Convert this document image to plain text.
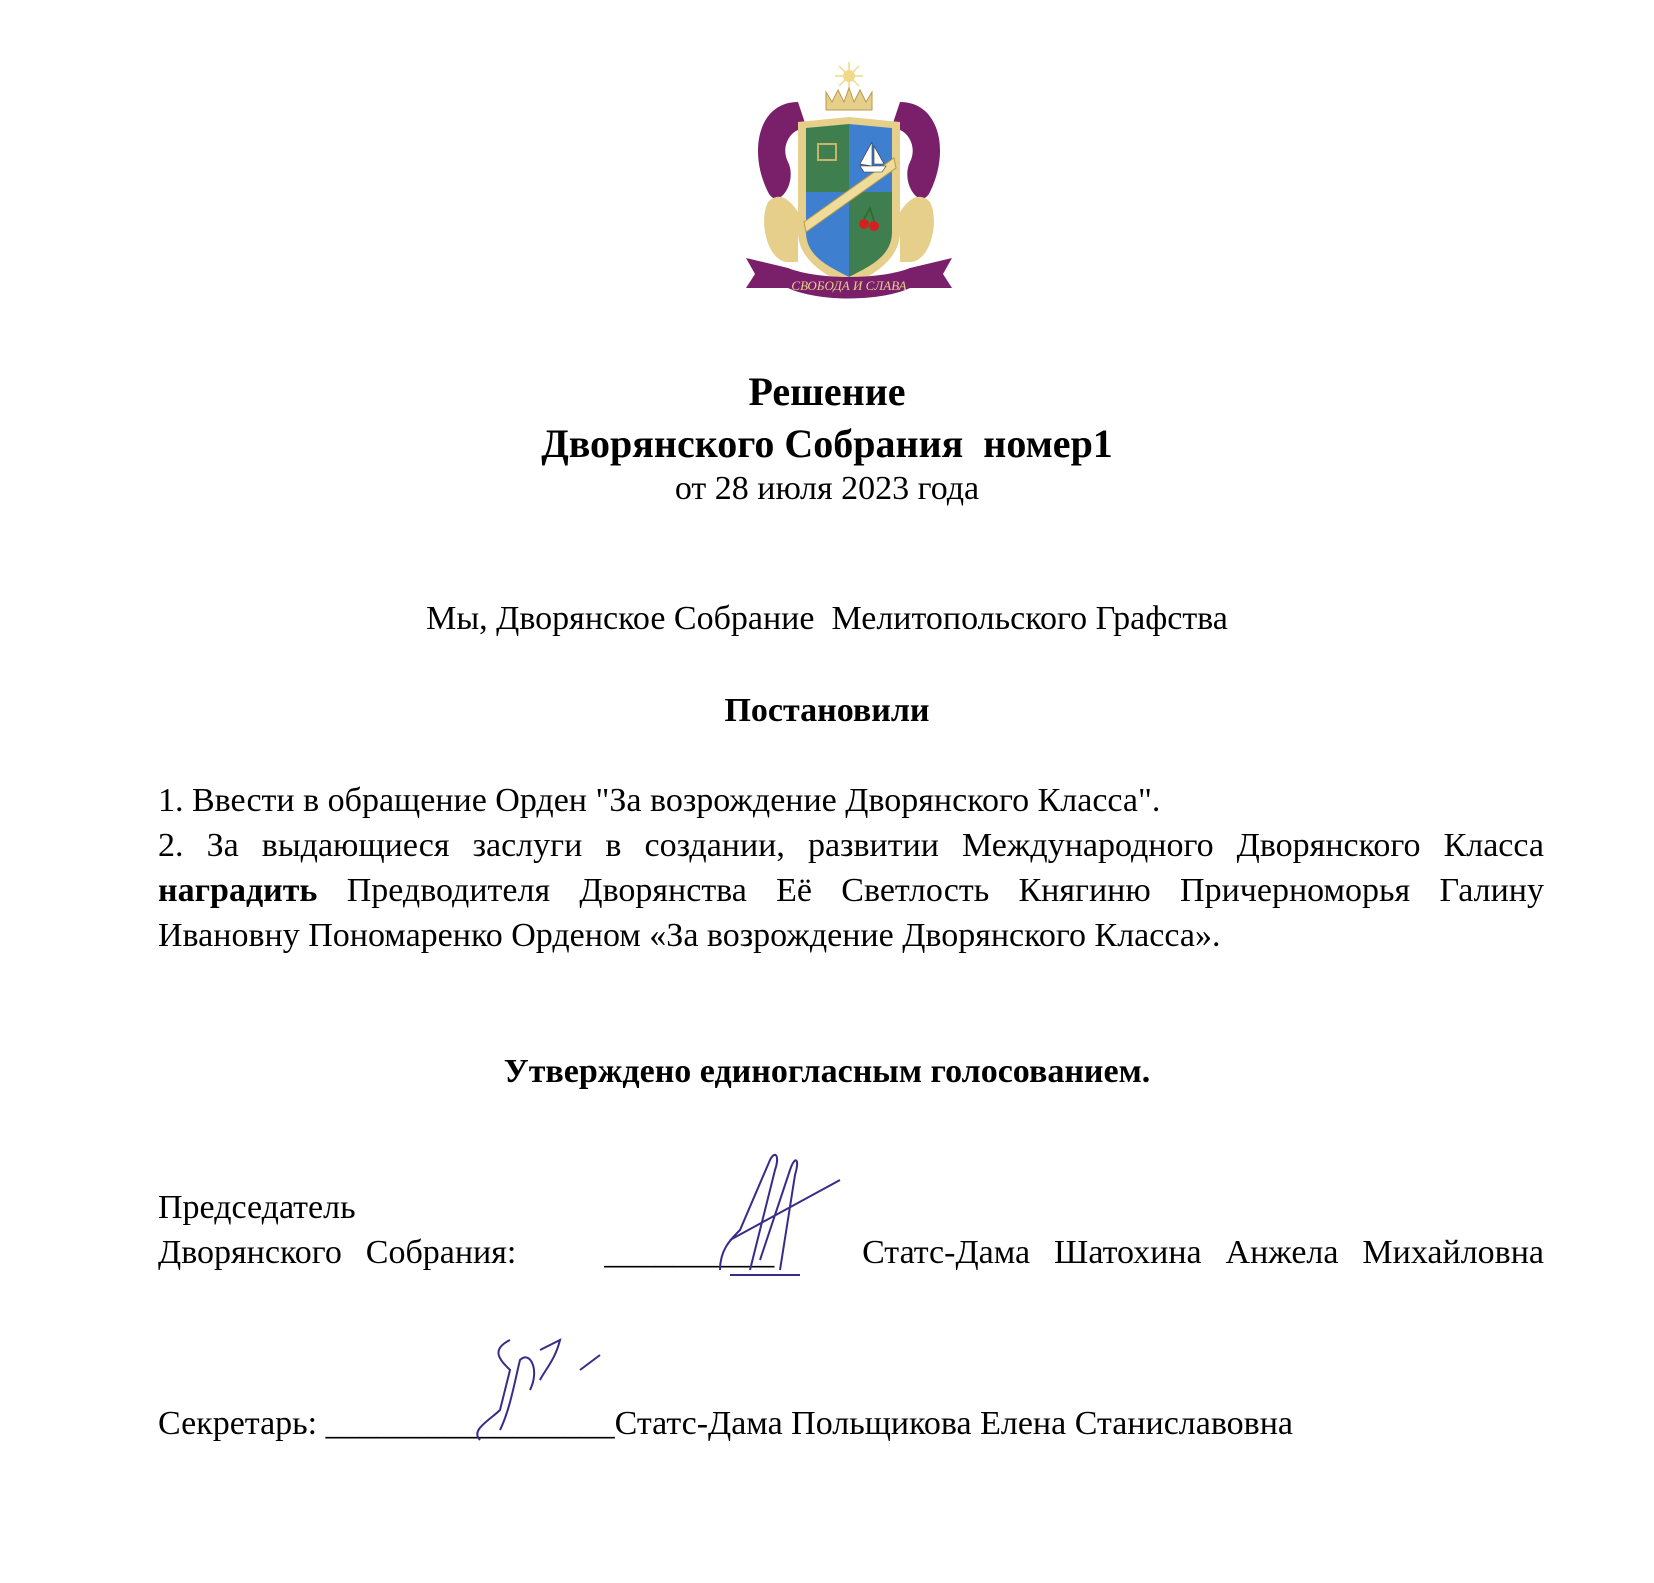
СВОБОДА И СЛАВА
Решение
Дворянского Собрания  номер1
от 28 июля 2023 года
Мы, Дворянское Собрание  Мелитопольского Графства
Постановили

1. Ввести в обращение Орден "За возрождение Дворянского Класса".

2. За выдающиеся заслуги в создании, развитии Международного Дворянского Класса наградить Предводителя Дворянства Её Светлость Княгиню Причерноморья Галину Ивановну Пономаренко Орденом «За возрождение Дворянского Класса».

Утверждено единогласным голосованием.

Председатель

Дворянского Собрания:	__________	Статс-Дама Шатохина Анжела Михайловна

Секретарь: _________________Статс-Дама Польщикова Елена Станиславовна
